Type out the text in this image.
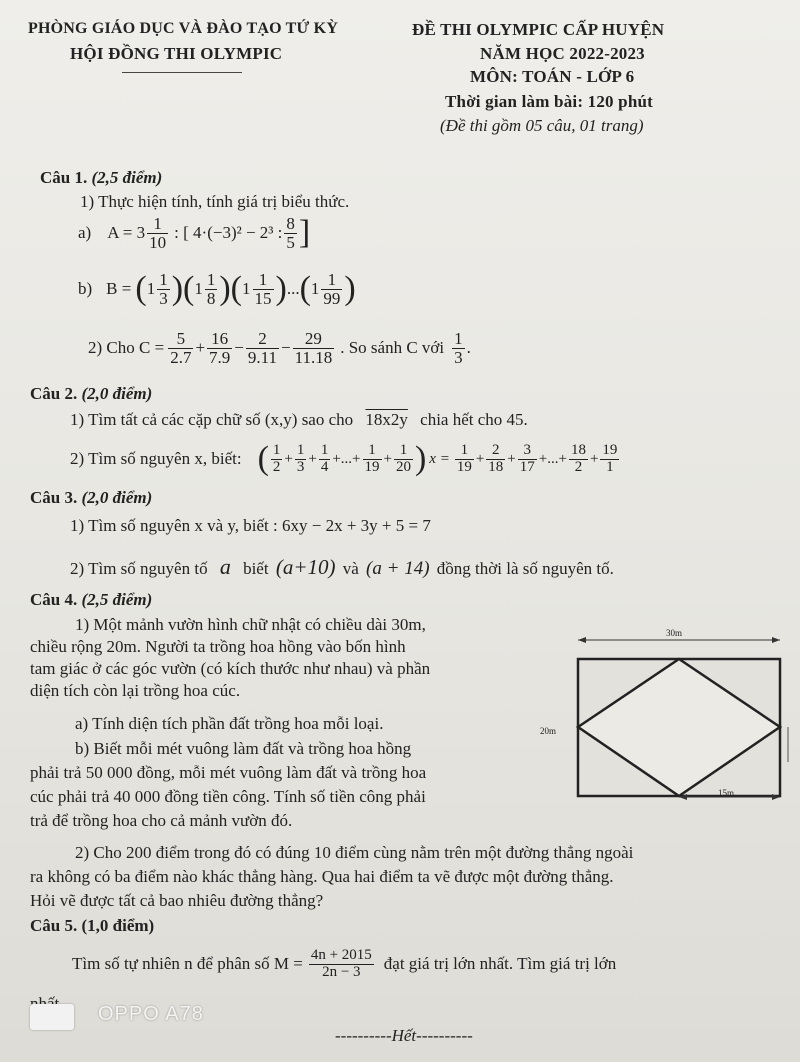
PHÒNG GIÁO DỤC VÀ ĐÀO TẠO TỨ KỲ
HỘI ĐỒNG THI OLYMPIC
ĐỀ THI OLYMPIC CẤP HUYỆN
NĂM HỌC 2022-2023
MÔN: TOÁN - LỚP 6
Thời gian làm bài: 120 phút
(Đề thi gồm 05 câu, 01 trang)
Câu 1. (2,5 điểm)
1) Thực hiện tính, tính giá trị biểu thức.
a) $A = 3 \frac{1}{10}$ : [ 4·(−3)² − 2³ : $\frac{8}{5}$ ]
b) B = ( $1 \frac{1}{3}$ ) ( $1 \frac{1}{8}$ ) ( $1 \frac{1}{15}$ ) ... ( $1 \frac{1}{99}$ )
2) Cho $C = \frac{5}{2.7} + \frac{16}{7.9} - \frac{2}{9.11} - \frac{29}{11.18}$ . So sánh C với $\frac{1}{3}$ .
Câu 2. (2,0 điểm)
1) Tìm tất cả các cặp chữ số (x,y) sao cho 18x2y chia hết cho 45.
2) Tìm số nguyên x, biết: ( $\frac{1}{2} + \frac{1}{3} + \frac{1}{4}$ +...+ $\frac{1}{19} + \frac{1}{20}$ ) $x = \frac{1}{19} + \frac{2}{18} + \frac{3}{17}$ +...+ $\frac{18}{2} + \frac{19}{1}$
Câu 3. (2,0 điểm)
1) Tìm số nguyên x và y, biết : 6xy − 2x + 3y + 5 = 7
2) Tìm số nguyên tố a biết (a+10) và (a + 14) đồng thời là số nguyên tố.
Câu 4. (2,5 điểm)
1) Một mảnh vườn hình chữ nhật có chiều dài 30m,
chiều rộng 20m. Người ta trồng hoa hồng vào bốn hình
tam giác ở các góc vườn (có kích thước như nhau) và phần
diện tích còn lại trồng hoa cúc.
a) Tính diện tích phần đất trồng hoa mỗi loại.
b) Biết mỗi mét vuông làm đất và trồng hoa hồng
phải trả 50 000 đồng, mỗi mét vuông làm đất và trồng hoa
cúc phải trả 40 000 đồng tiền công. Tính số tiền công phải
trả để trồng hoa cho cả mảnh vườn đó.
30m
20m
15m
2) Cho 200 điểm trong đó có đúng 10 điểm cùng nằm trên một đường thẳng ngoài
ra không có ba điểm nào khác thẳng hàng. Qua hai điểm ta vẽ được một đường thẳng.
Hỏi vẽ được tất cả bao nhiêu đường thẳng?
Câu 5. (1,0 điểm)
Tìm số tự nhiên n để phân số $M = \frac{4n + 2015}{2n - 3}$ đạt giá trị lớn nhất. Tìm giá trị lớn
----------Hết----------
OPPO A78
